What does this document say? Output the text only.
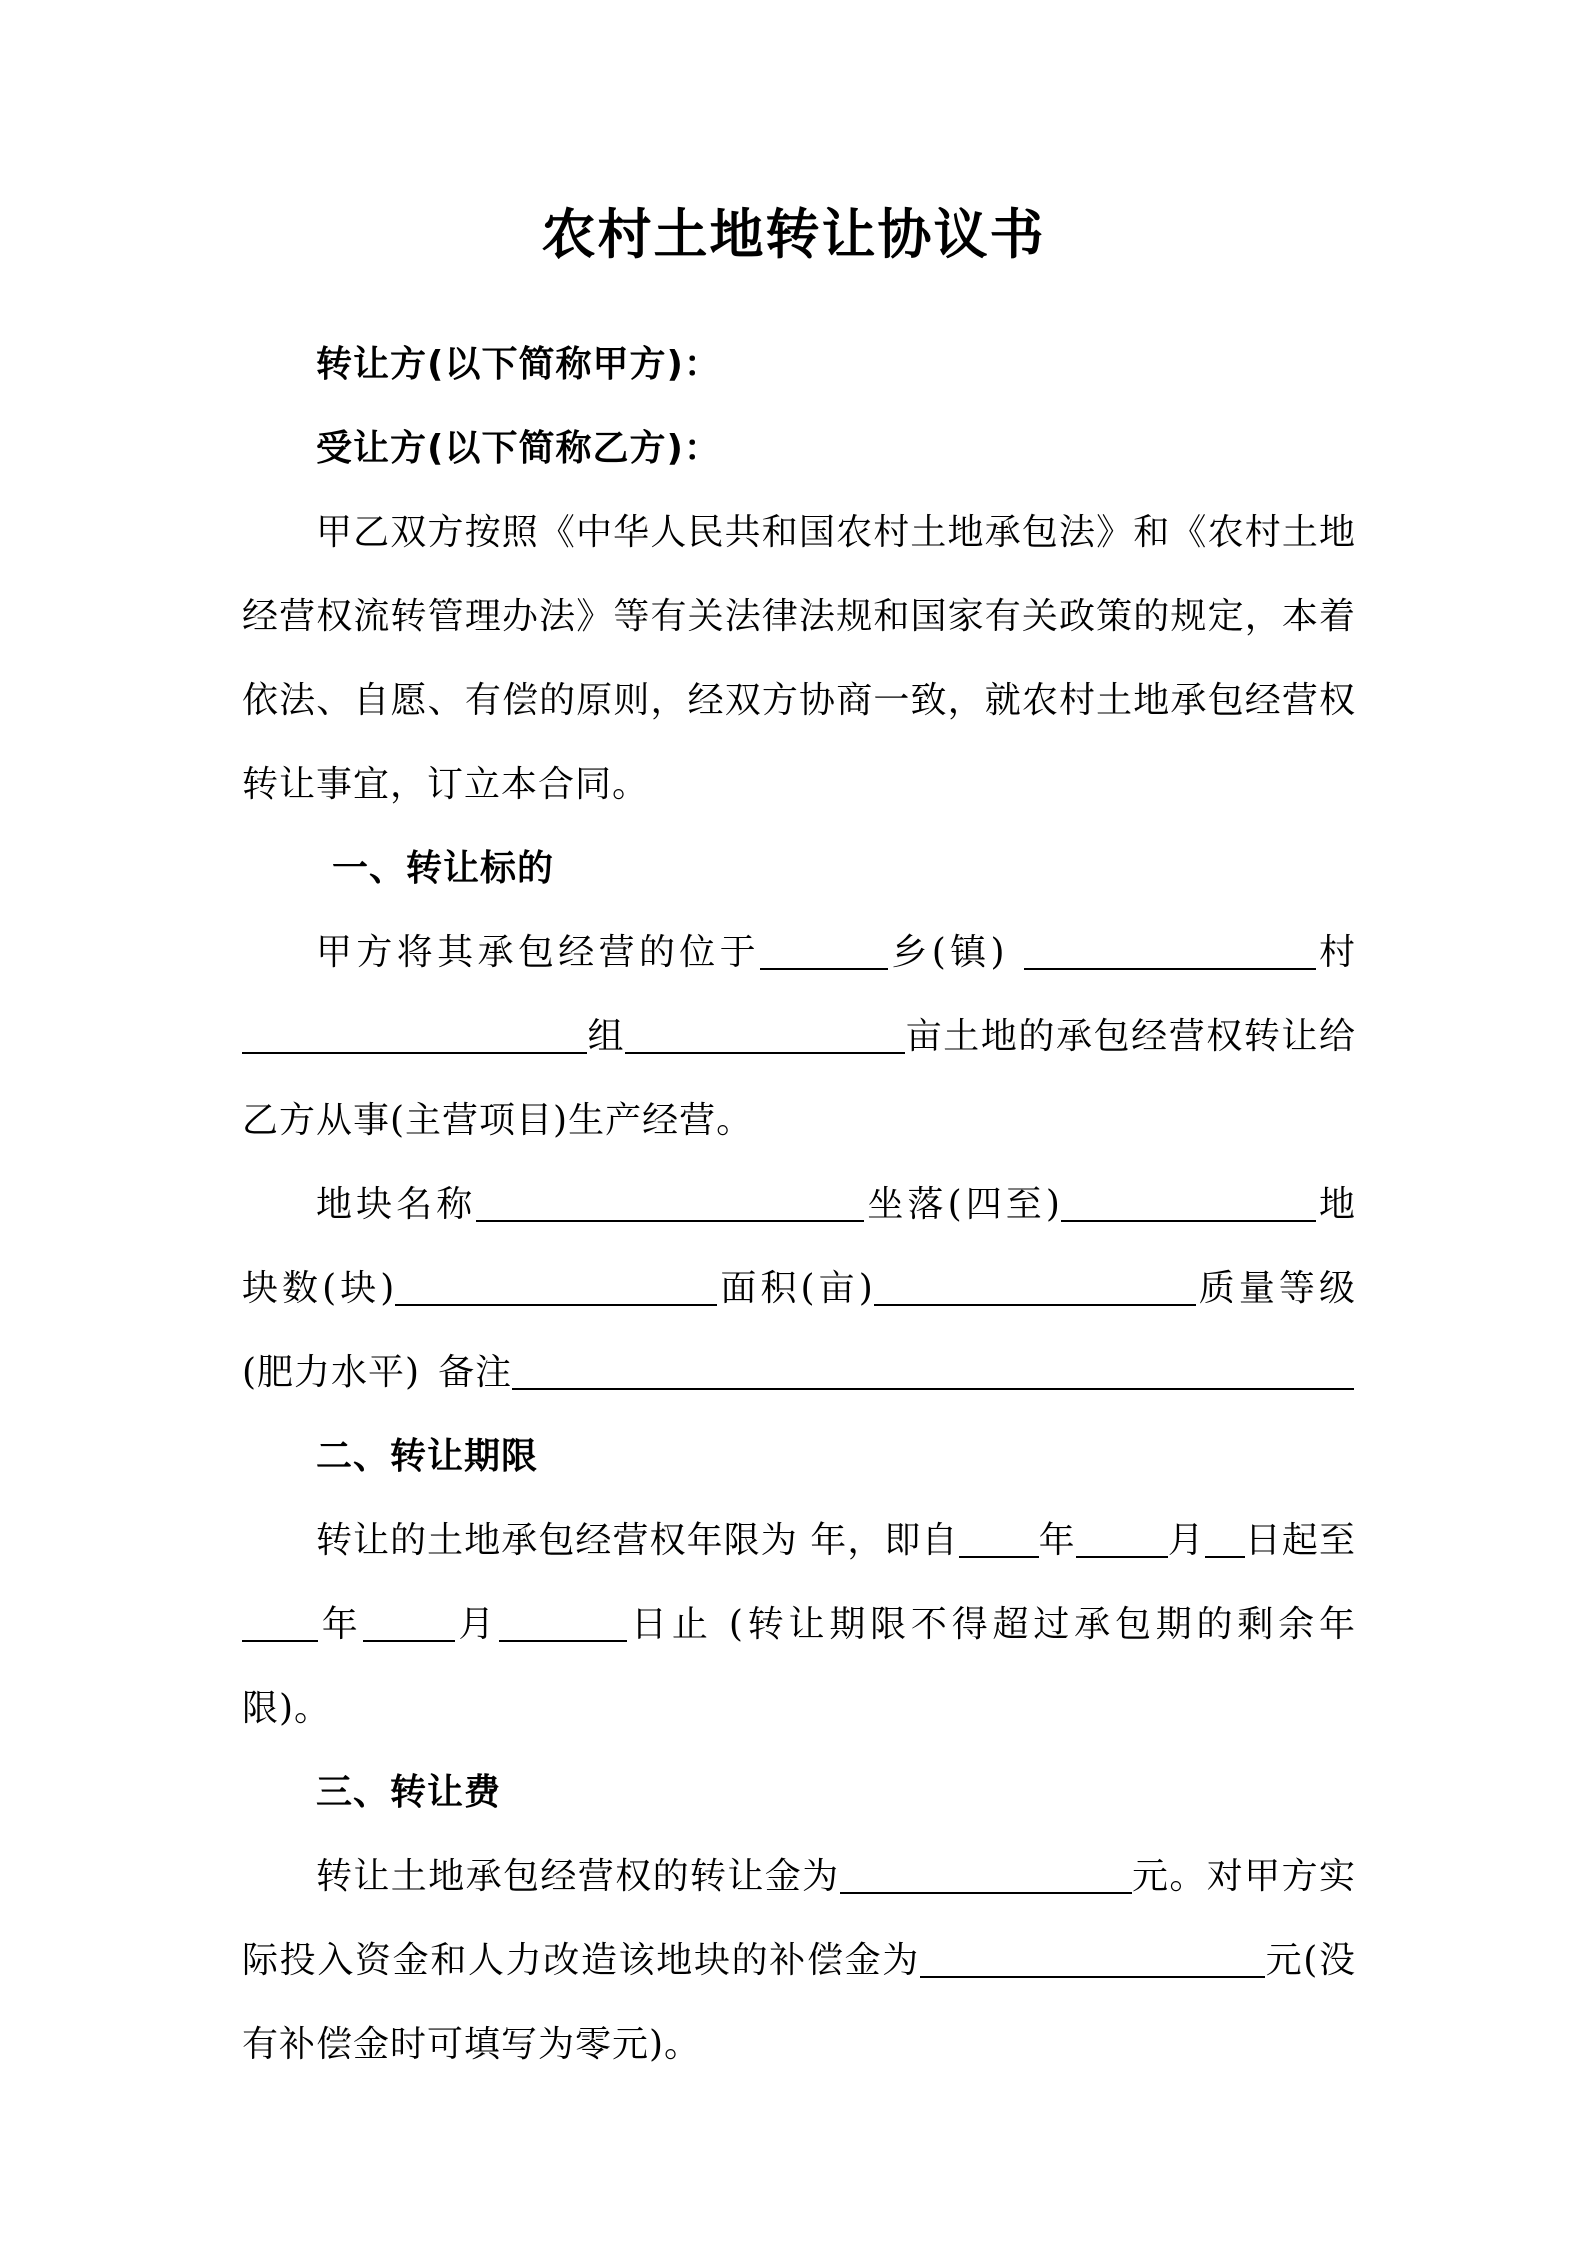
农村土地转让协议书

转让方(以下简称甲方)：

受让方(以下简称乙方)：

甲乙双方按照《中华人民共和国农村土地承包法》和《农村土地经营权流转管理办法》等有关法律法规和国家有关政策的规定，本着依法、自愿、有偿的原则，经双方协商一致，就农村土地承包经营权转让事宜，订立本合同。

一、转让标的

甲方将其承包经营的位于	乡(镇)	村组	亩土地的承包经营权转让给乙方从事(主营项目)生产经营。

地块名称	坐落(四至)	地块数(块)	面积(亩)	质量等级(肥力水平) 备注

二、转让期限

转让的土地承包经营权年限为 年，即自 年	月 日起至年	月	日止 (转让期限不得超过承包期的剩余年限)。

三、转让费

转让土地承包经营权的转让金为	元。对甲方实际投入资金和人力改造该地块的补偿金为	元(没有补偿金时可填写为零元)。
